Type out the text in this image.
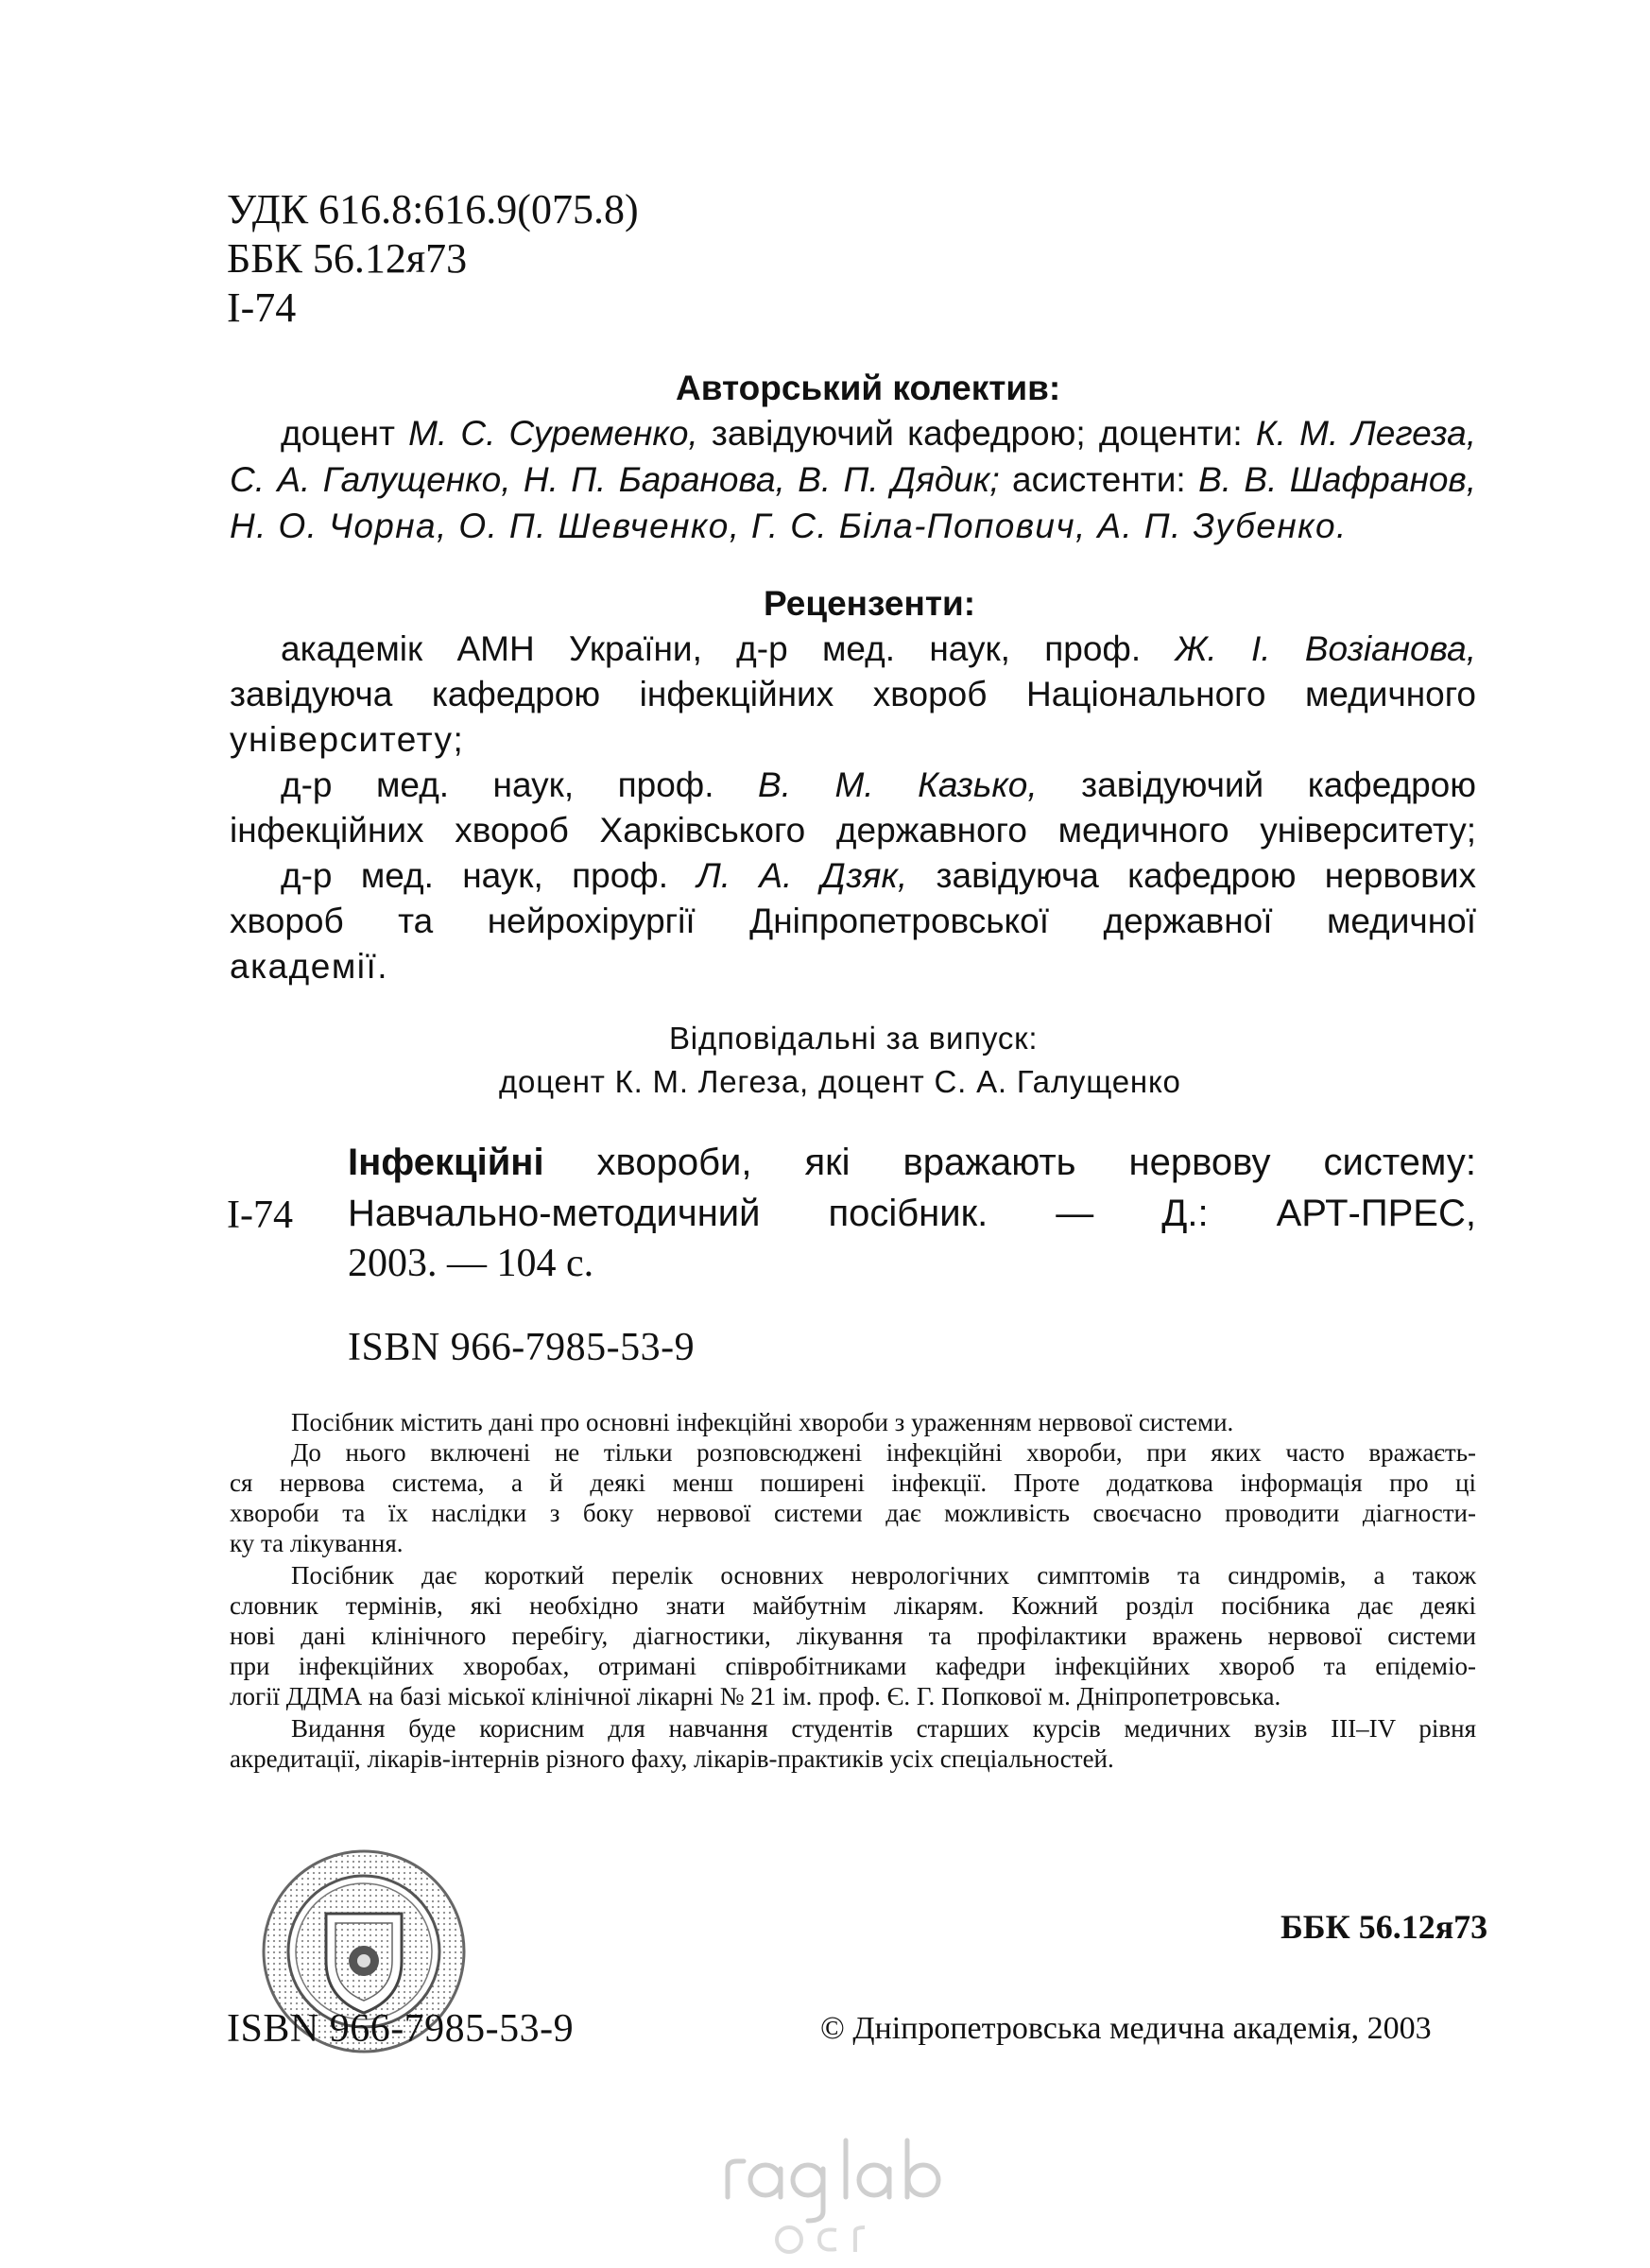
УДК 616.8:616.9(075.8)
ББК 56.12я73
І-74
Авторський колектив:
доцент М. С. Суременко, завідуючий кафедрою; доценти: К. М. Легеза,
С. А. Галущенко, Н. П. Баранова, В. П. Дядик; асистенти: В. В. Шафранов,
Н. О. Чорна, О. П. Шевченко, Г. С. Біла-Попович, А. П. Зубенко.
Рецензенти:
академік АМН України, д-р мед. наук, проф. Ж. І. Возіанова,
завідуюча кафедрою інфекційних хвороб Національного медичного
університету;
д-р мед. наук, проф. В. М. Казько, завідуючий кафедрою
інфекційних хвороб Харківського державного медичного університету;
д-р мед. наук, проф. Л. А. Дзяк, завідуюча кафедрою нервових
хвороб та нейрохірургії Дніпропетровської державної медичної
академії.
Відповідальні за випуск:
доцент К. М. Легеза, доцент С. А. Галущенко
Інфекційні хвороби, які вражають нервову систему:
І-74 Навчально-методичний посібник. — Д.: АРТ-ПРЕС,
2003. — 104 с.
ISBN 966-7985-53-9
Посібник містить дані про основні інфекційні хвороби з ураженням нервової системи.
До нього включені не тільки розповсюджені інфекційні хвороби, при яких часто вражаєть-
ся нервова система, а й деякі менш поширені інфекції. Проте додаткова інформація про ці
хвороби та їх наслідки з боку нервової системи дає можливість своєчасно проводити діагности-
ку та лікування.
Посібник дає короткий перелік основних неврологічних симптомів та синдромів, а також
словник термінів, які необхідно знати майбутнім лікарям. Кожний розділ посібника дає деякі
нові дані клінічного перебігу, діагностики, лікування та профілактики вражень нервової системи
при інфекційних хворобах, отримані співробітниками кафедри інфекційних хвороб та епідеміо-
логії ДДМА на базі міської клінічної лікарні № 21 ім. проф. Є. Г. Попкової м. Дніпропетровська.
Видання буде корисним для навчання студентів старших курсів медичних вузів III–IV рівня
акредитації, лікарів-інтернів різного фаху, лікарів-практиків усіх спеціальностей.
ББК 56.12я73
ISBN 966-7985-53-9	© Дніпропетровська медична академія, 2003
